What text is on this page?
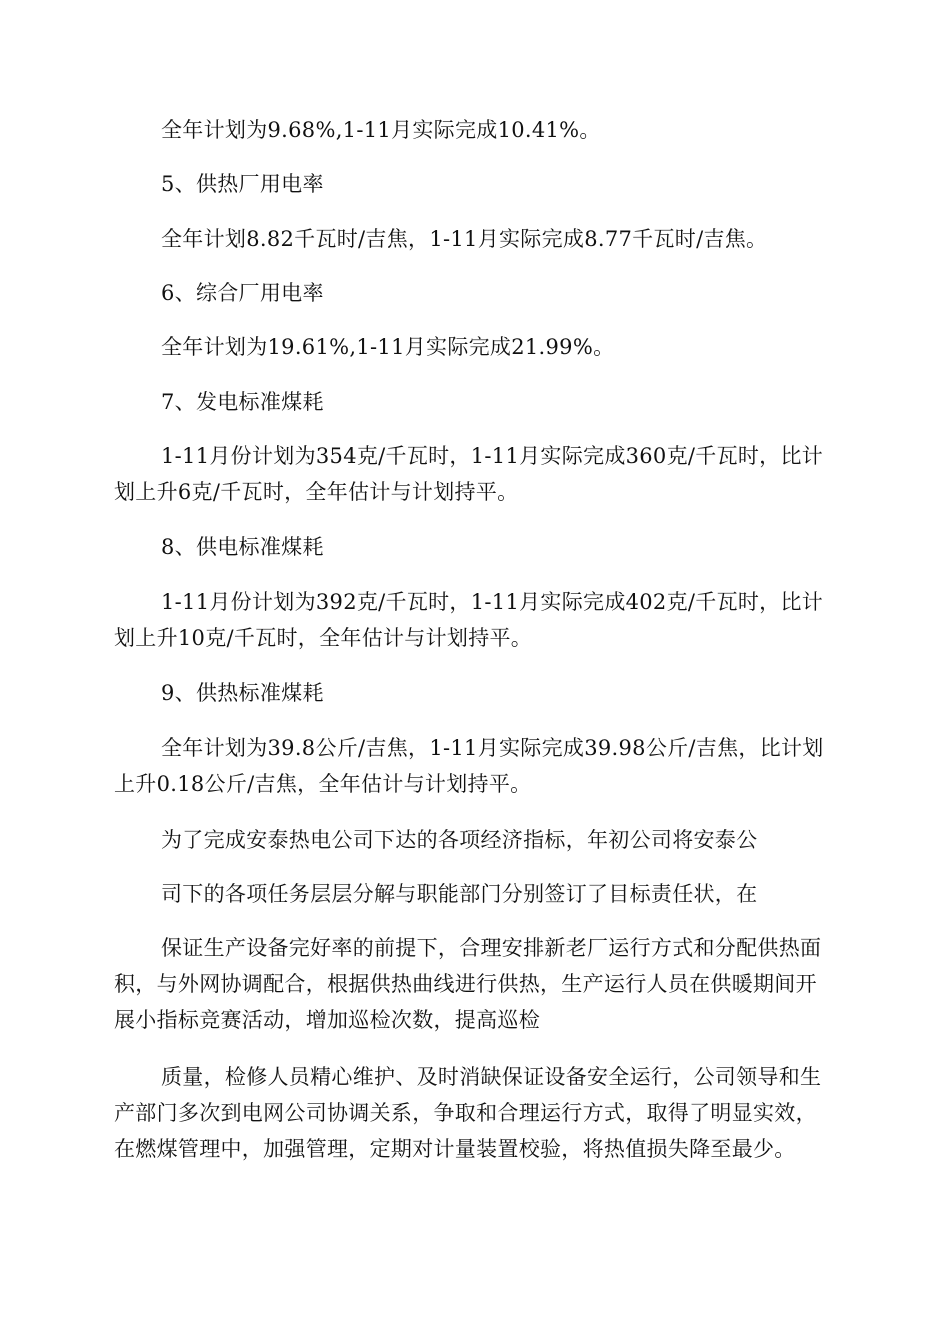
全年计划为9.68%,1-11月实际完成10.41%。

5、供热厂用电率

全年计划8.82千瓦时/吉焦，1-11月实际完成8.77千瓦时/吉焦。

6、综合厂用电率

全年计划为19.61%,1-11月实际完成21.99%。

7、发电标准煤耗

1-11月份计划为354克/千瓦时，1-11月实际完成360克/千瓦时，比计划上升6克/千瓦时，全年估计与计划持平。

8、供电标准煤耗

1-11月份计划为392克/千瓦时，1-11月实际完成402克/千瓦时，比计划上升10克/千瓦时，全年估计与计划持平。

9、供热标准煤耗

全年计划为39.8公斤/吉焦，1-11月实际完成39.98公斤/吉焦，比计划上升0.18公斤/吉焦，全年估计与计划持平。

为了完成安泰热电公司下达的各项经济指标，年初公司将安泰公

司下的各项任务层层分解与职能部门分别签订了目标责任状，在

保证生产设备完好率的前提下，合理安排新老厂运行方式和分配供热面积，与外网协调配合，根据供热曲线进行供热，生产运行人员在供暖期间开展小指标竞赛活动，增加巡检次数，提高巡检

质量，检修人员精心维护、及时消缺保证设备安全运行，公司领导和生产部门多次到电网公司协调关系，争取和合理运行方式，取得了明显实效，在燃煤管理中，加强管理，定期对计量装置校验，将热值损失降至最少。
